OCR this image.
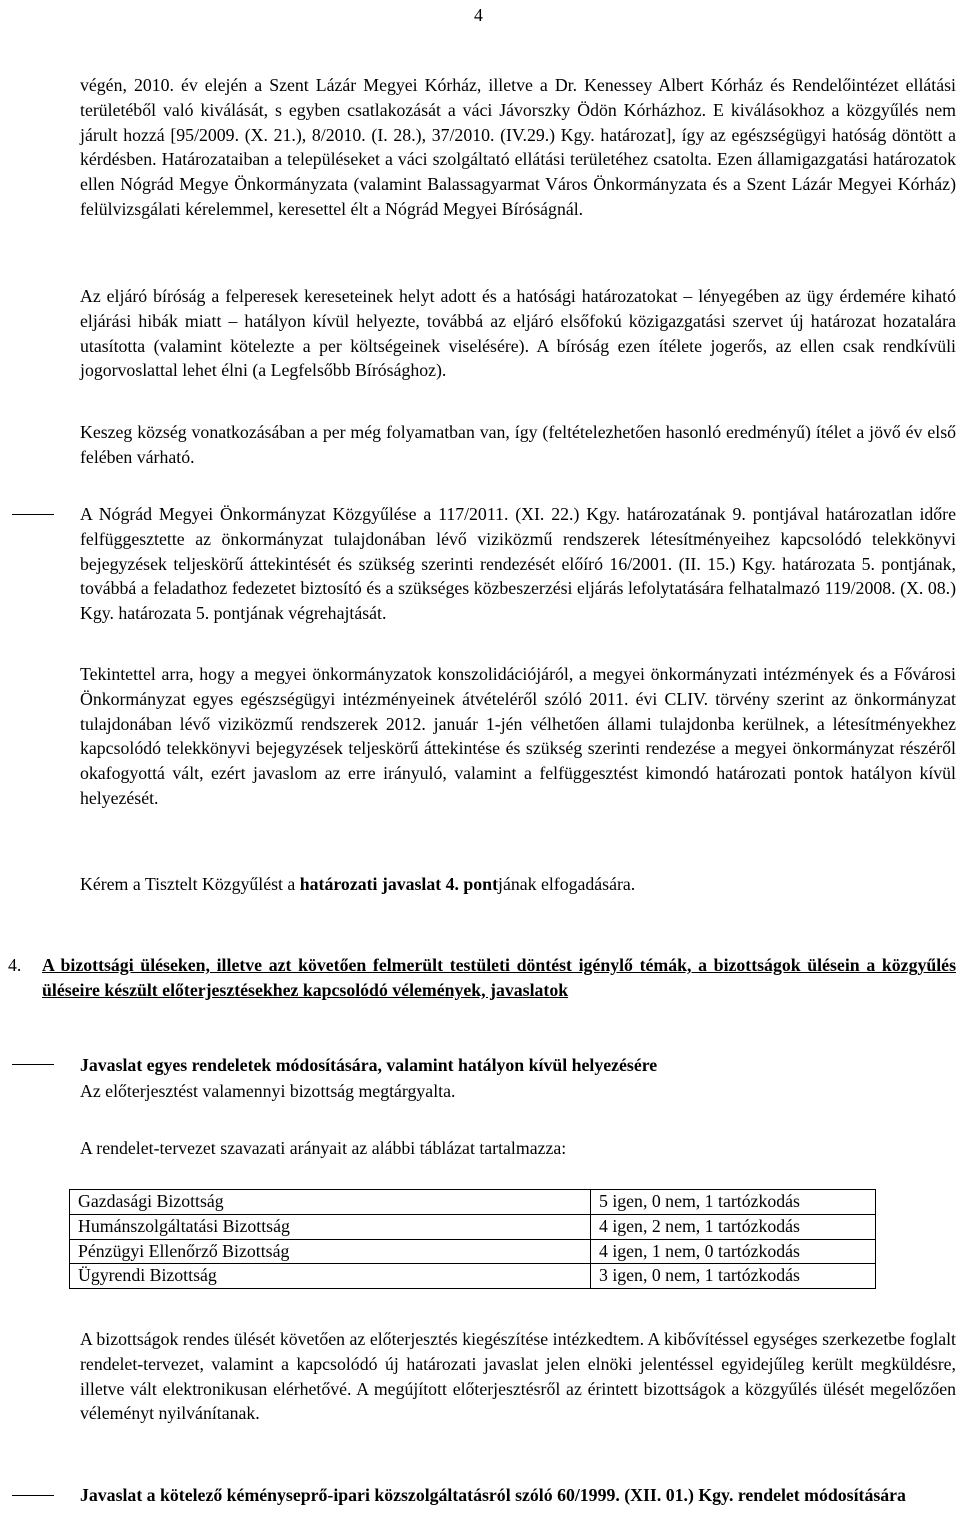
4

végén, 2010. év elején a Szent Lázár Megyei Kórház, illetve a Dr. Kenessey Albert Kórház és Rendelőintézet ellátási területéből való kiválását, s egyben csatlakozását a váci Jávorszky Ödön Kórházhoz. E kiválásokhoz a közgyűlés nem járult hozzá [95/2009. (X. 21.), 8/2010. (I. 28.), 37/2010. (IV.29.) Kgy. határozat], így az egészségügyi hatóság döntött a kérdésben. Határozataiban a településeket a váci szolgáltató ellátási területéhez csatolta. Ezen államigazgatási határozatok ellen Nógrád Megye Önkormányzata (valamint Balassagyarmat Város Önkormányzata és a Szent Lázár Megyei Kórház) felülvizsgálati kérelemmel, keresettel élt a Nógrád Megyei Bíróságnál.

Az eljáró bíróság a felperesek kereseteinek helyt adott és a hatósági határozatokat – lényegében az ügy érdemére kiható eljárási hibák miatt – hatályon kívül helyezte, továbbá az eljáró elsőfokú közigazgatási szervet új határozat hozatalára utasította (valamint kötelezte a per költségeinek viselésére). A bíróság ezen ítélete jogerős, az ellen csak rendkívüli jogorvoslattal lehet élni (a Legfelsőbb Bírósághoz).

Keszeg község vonatkozásában a per még folyamatban van, így (feltételezhetően hasonló eredményű) ítélet a jövő év első felében várható.

A Nógrád Megyei Önkormányzat Közgyűlése a 117/2011. (XI. 22.) Kgy. határozatának 9. pontjával határozatlan időre felfüggesztette az önkormányzat tulajdonában lévő viziközmű rendszerek létesítményeihez kapcsolódó telekkönyvi bejegyzések teljeskörű áttekintését és szükség szerinti rendezését előíró 16/2001. (II. 15.) Kgy. határozata 5. pontjának, továbbá a feladathoz fedezetet biztosító és a szükséges közbeszerzési eljárás lefolytatására felhatalmazó 119/2008. (X. 08.) Kgy. határozata 5. pontjának végrehajtását.

Tekintettel arra, hogy a megyei önkormányzatok konszolidációjáról, a megyei önkormányzati intézmények és a Fővárosi Önkormányzat egyes egészségügyi intézményeinek átvételéről szóló 2011. évi CLIV. törvény szerint az önkormányzat tulajdonában lévő viziközmű rendszerek 2012. január 1-jén vélhetően állami tulajdonba kerülnek, a létesítményekhez kapcsolódó telekkönyvi bejegyzések teljeskörű áttekintése és szükség szerinti rendezése a megyei önkormányzat részéről okafogyottá vált, ezért javaslom az erre irányuló, valamint a felfüggesztést kimondó határozati pontok hatályon kívül helyezését.

Kérem a Tisztelt Közgyűlést a határozati javaslat 4. pontjának elfogadására.

4.	A bizottsági üléseken, illetve azt követően felmerült testületi döntést igénylő témák, a bizottságok ülésein a közgyűlés üléseire készült előterjesztésekhez kapcsolódó vélemények, javaslatok

Javaslat egyes rendeletek módosítására, valamint hatályon kívül helyezésére

Az előterjesztést valamennyi bizottság megtárgyalta.

A rendelet-tervezet szavazati arányait az alábbi táblázat tartalmazza:

Gazdasági Bizottság	5 igen, 0 nem, 1 tartózkodás
Humánszolgáltatási Bizottság	4 igen, 2 nem, 1 tartózkodás
Pénzügyi Ellenőrző Bizottság	4 igen, 1 nem, 0 tartózkodás
Ügyrendi Bizottság	3 igen, 0 nem, 1 tartózkodás

A bizottságok rendes ülését követően az előterjesztés kiegészítése intézkedtem. A kibővítéssel egységes szerkezetbe foglalt rendelet-tervezet, valamint a kapcsolódó új határozati javaslat jelen elnöki jelentéssel egyidejűleg került megküldésre, illetve vált elektronikusan elérhetővé. A megújított előterjesztésről az érintett bizottságok a közgyűlés ülését megelőzően véleményt nyilvánítanak.

Javaslat a kötelező kéményseprő-ipari közszolgáltatásról szóló 60/1999. (XII. 01.) Kgy. rendelet módosítására
